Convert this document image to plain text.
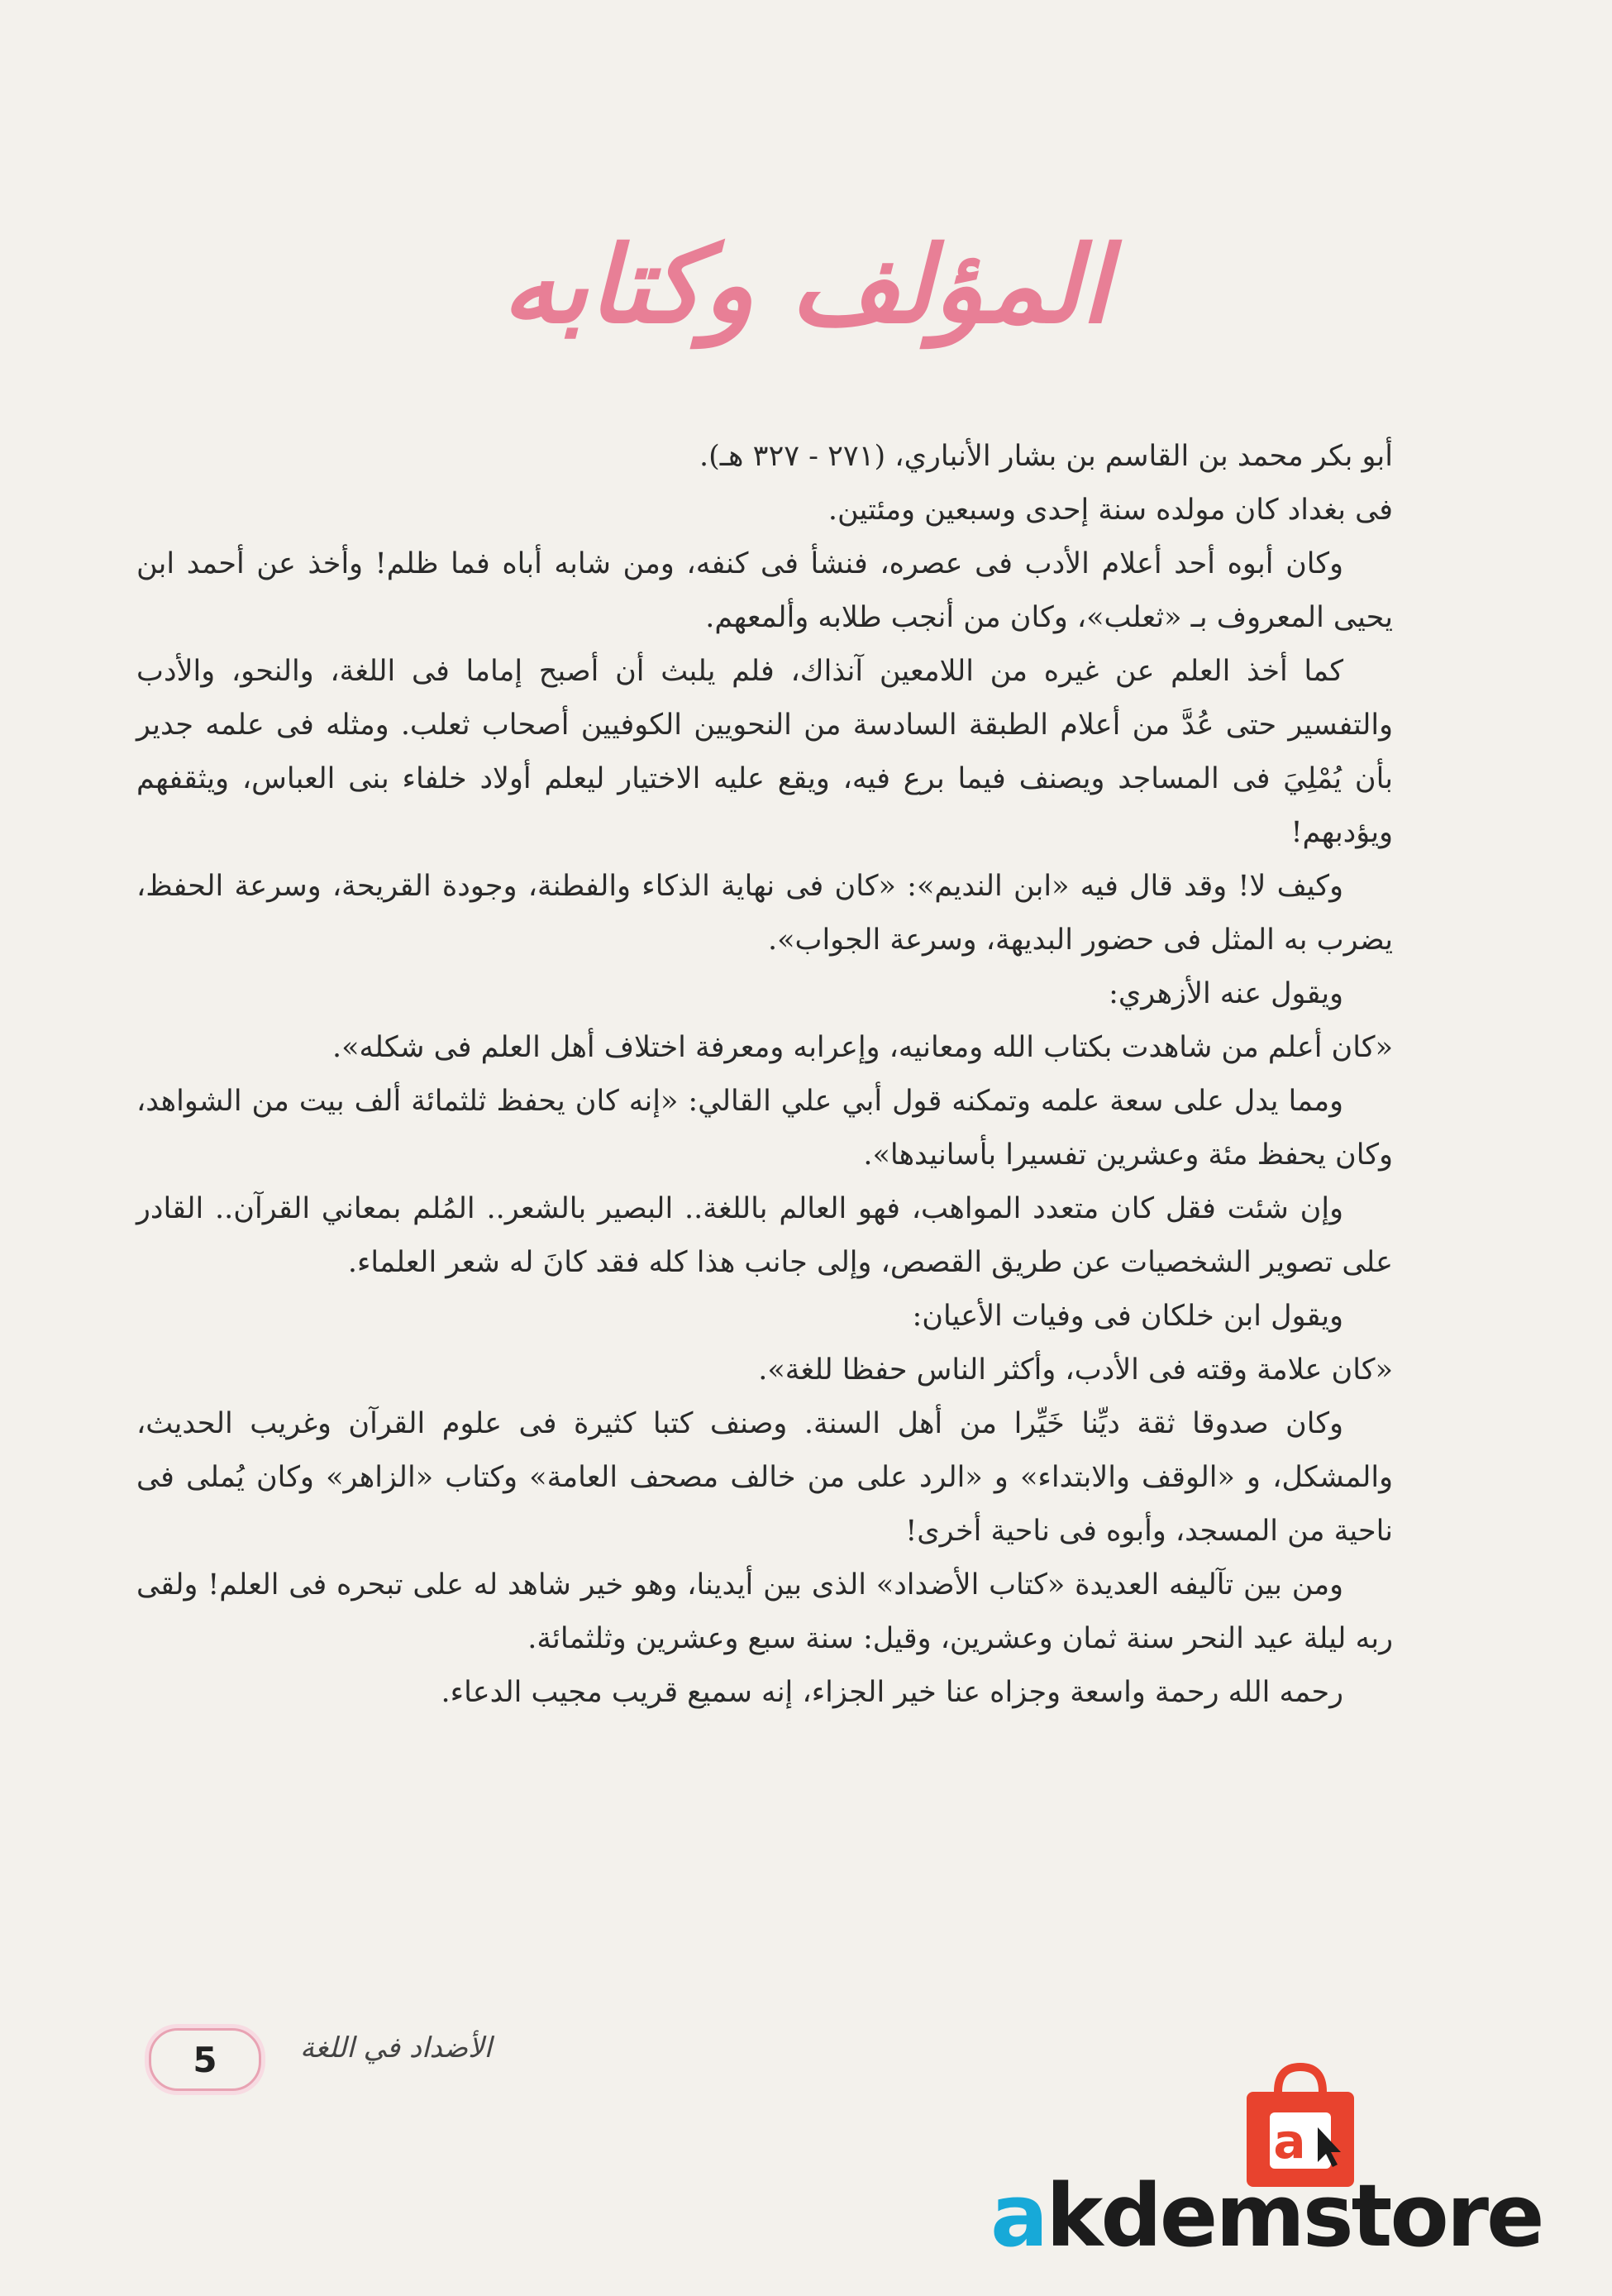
المؤلف وكتابه

أبو بكر محمد بن القاسم بن بشار الأنباري، (٢٧١ - ٣٢٧ هـ).

فى بغداد كان مولده سنة إحدى وسبعين ومئتين.

وكان أبوه أحد أعلام الأدب فى عصره، فنشأ فى كنفه، ومن شابه أباه فما ظلم! وأخذ عن أحمد ابن يحيى المعروف بـ «ثعلب»، وكان من أنجب طلابه وألمعهم.

كما أخذ العلم عن غيره من اللامعين آنذاك، فلم يلبث أن أصبح إماما فى اللغة، والنحو، والأدب والتفسير حتى عُدَّ من أعلام الطبقة السادسة من النحويين الكوفيين أصحاب ثعلب. ومثله فى علمه جدير بأن يُمْلِيَ فى المساجد ويصنف فيما برع فيه، ويقع عليه الاختيار ليعلم أولاد خلفاء بنى العباس، ويثقفهم ويؤدبهم!

وكيف لا! وقد قال فيه «ابن النديم»: «كان فى نهاية الذكاء والفطنة، وجودة القريحة، وسرعة الحفظ، يضرب به المثل فى حضور البديهة، وسرعة الجواب».

ويقول عنه الأزهري:

«كان أعلم من شاهدت بكتاب الله ومعانيه، وإعرابه ومعرفة اختلاف أهل العلم فى شكله».

ومما يدل على سعة علمه وتمكنه قول أبي علي القالي: «إنه كان يحفظ ثلثمائة ألف بيت من الشواهد، وكان يحفظ مئة وعشرين تفسيرا بأسانيدها».

وإن شئت فقل كان متعدد المواهب، فهو العالم باللغة.. البصير بالشعر.. المُلم بمعاني القرآن.. القادر على تصوير الشخصيات عن طريق القصص، وإلى جانب هذا كله فقد كانَ له شعر العلماء.

ويقول ابن خلكان فى وفيات الأعيان:

«كان علامة وقته فى الأدب، وأكثر الناس حفظا للغة».

وكان صدوقا ثقة ديِّنا خَيِّرا من أهل السنة. وصنف كتبا كثيرة فى علوم القرآن وغريب الحديث، والمشكل، و «الوقف والابتداء» و «الرد على من خالف مصحف العامة» وكتاب «الزاهر» وكان يُملى فى ناحية من المسجد، وأبوه فى ناحية أخرى!

ومن بين تآليفه العديدة «كتاب الأضداد» الذى بين أيدينا، وهو خير شاهد له على تبحره فى العلم! ولقى ربه ليلة عيد النحر سنة ثمان وعشرين، وقيل: سنة سبع وعشرين وثلثمائة.

رحمه الله رحمة واسعة وجزاه عنا خير الجزاء، إنه سميع قريب مجيب الدعاء.

5	الأضداد في اللغة
a
akdemstore
